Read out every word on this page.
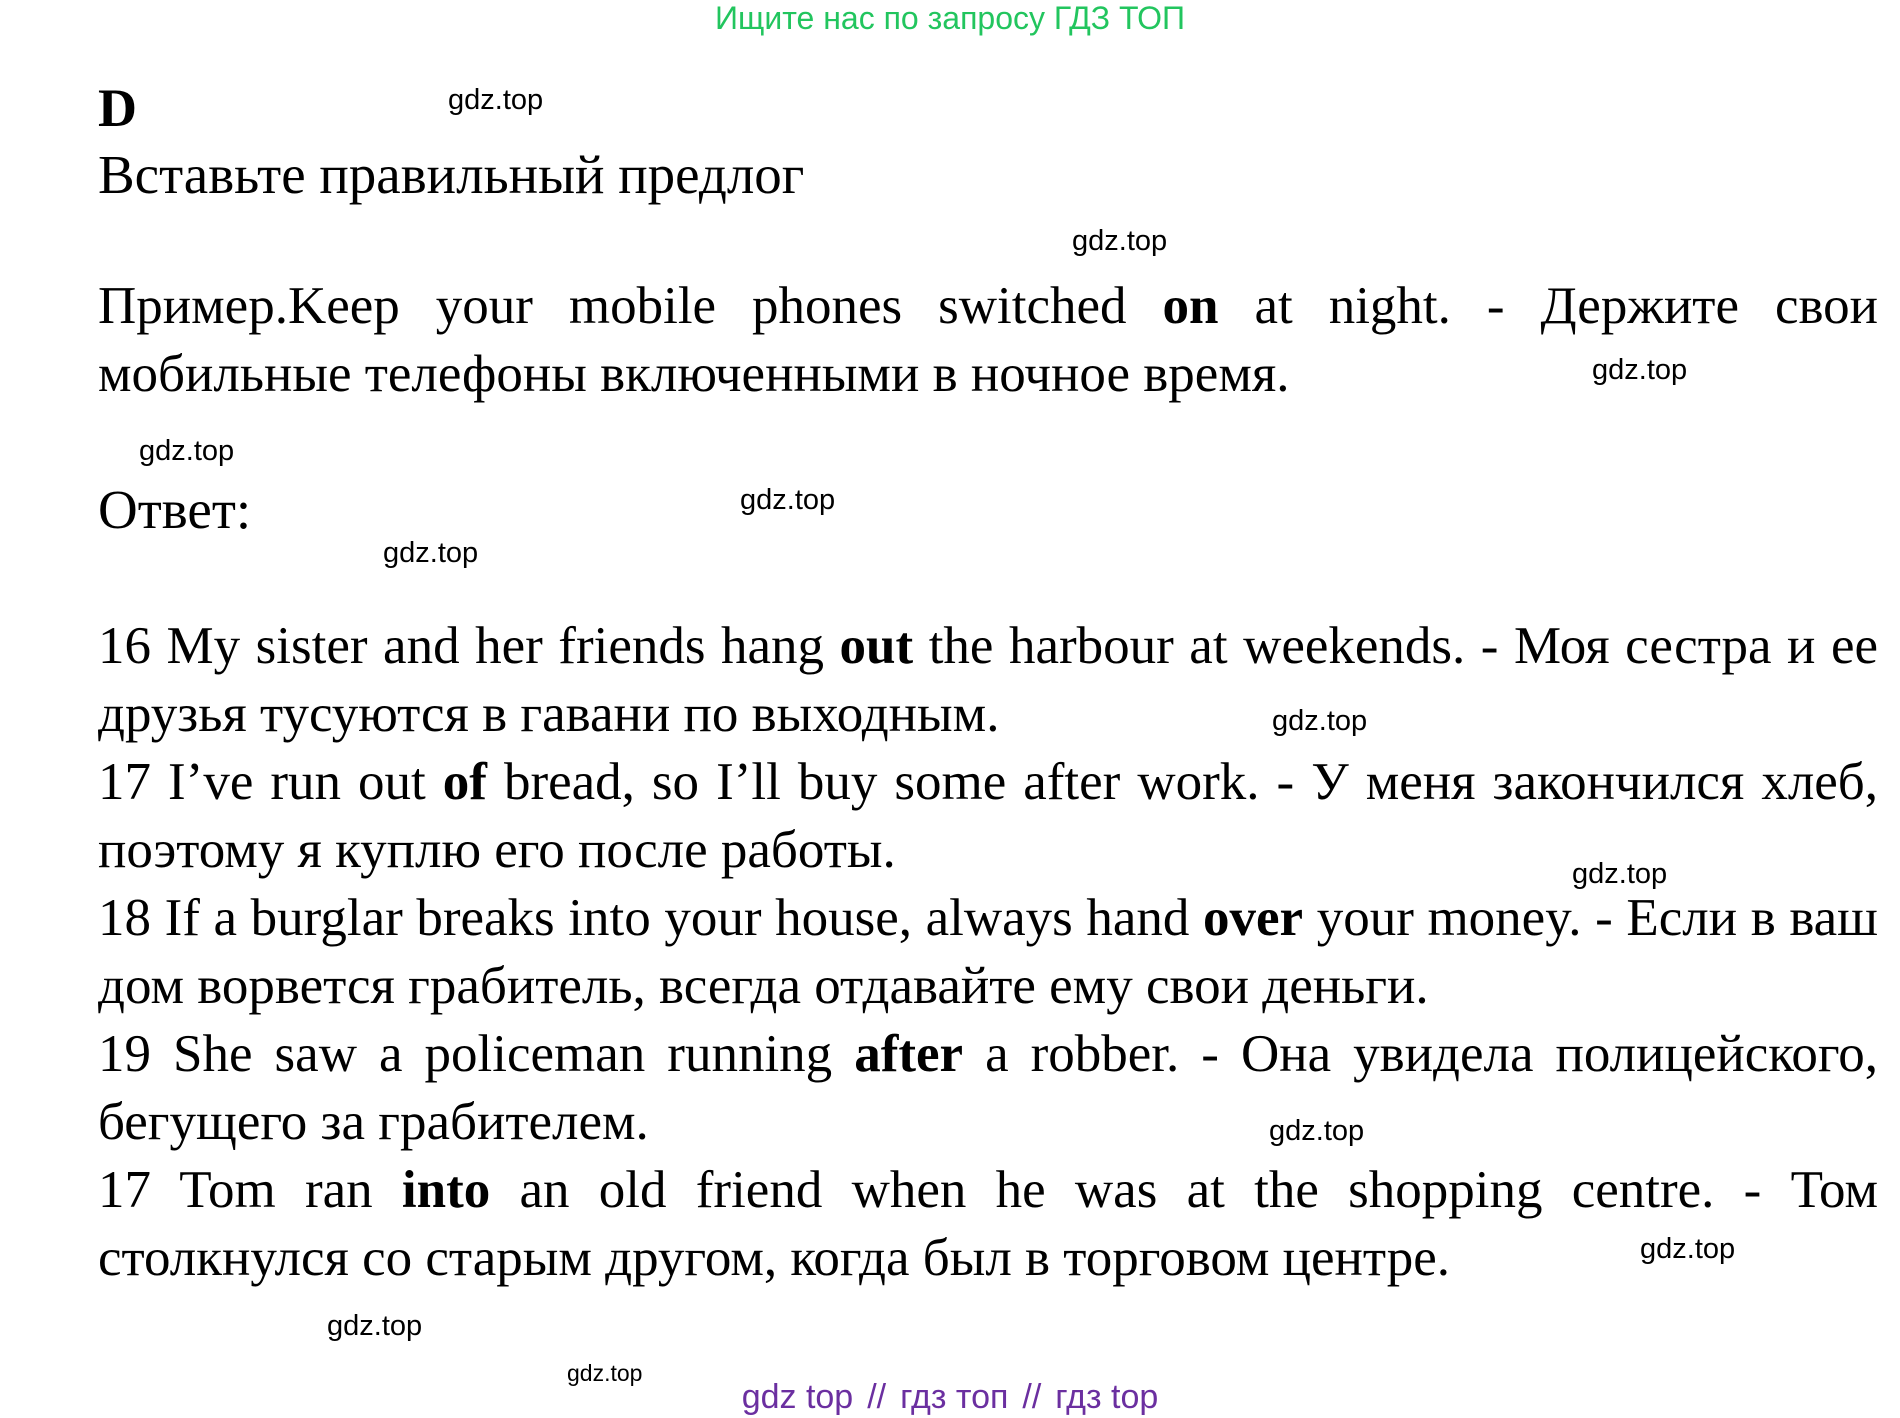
Ищите нас по запросу ГДЗ ТОП
D
Вставьте правильный предлог
Пример.Keep your mobile phones switched on at night. - Держите свои мобильные телефоны включенными в ночное время.
Ответ:
16 My sister and her friends hang out the harbour at weekends. - Моя сестра и ее друзья тусуются в гавани по выходным.
17 I’ve run out of bread, so I’ll buy some after work. - У меня закончился хлеб, поэтому я куплю его после работы.
18 If a burglar breaks into your house, always hand over your money. - Если в ваш дом ворвется грабитель, всегда отдавайте ему свои деньги.
19 She saw a policeman running after a robber. - Она увидела полицейского, бегущего за грабителем.
17 Tom ran into an old friend when he was at the shopping centre. - Том столкнулся со старым другом, когда был в торговом центре.
gdz.top
gdz.top
gdz.top
gdz.top
gdz.top
gdz.top
gdz.top
gdz.top
gdz.top
gdz.top
gdz.top
gdz.top
gdz top // гдз топ // гдз top
